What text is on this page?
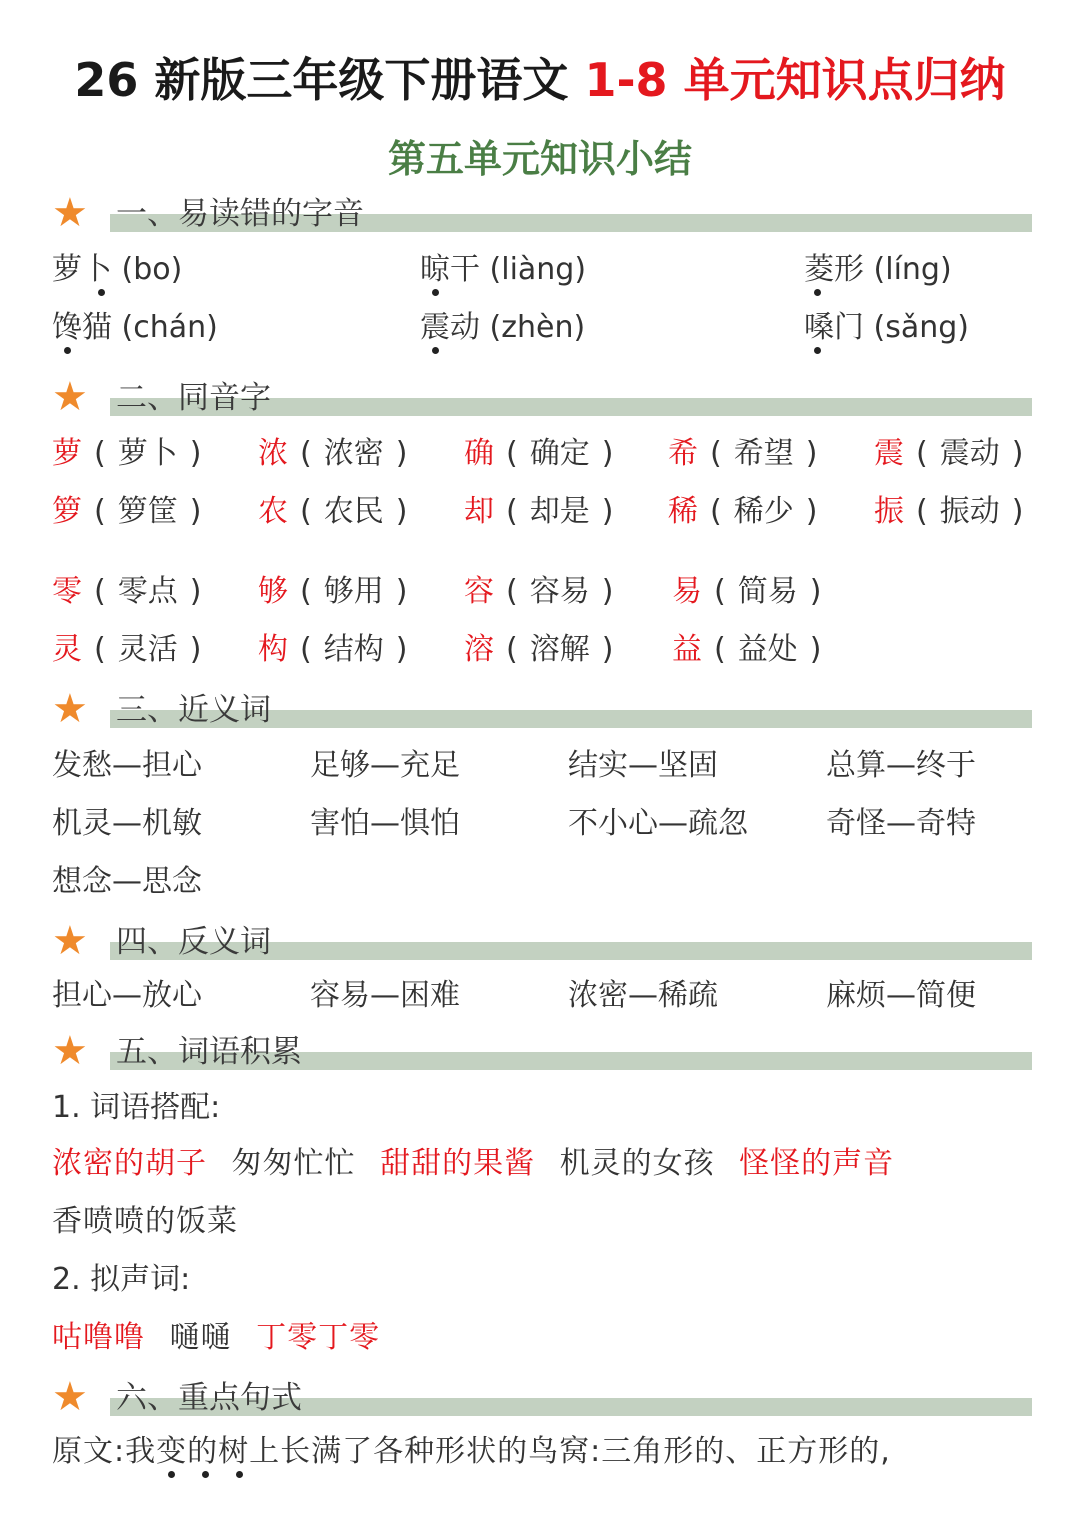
26 新版三年级下册语文 1-8 单元知识点归纳
第五单元知识小结
★ 一、易读错的字音
萝卜 (bo)	晾干 (liàng)	菱形 (líng)
馋猫 (chán)	震动 (zhèn)	嗓门 (sǎng)
★ 二、同音字
萝 ( 萝卜 )	浓 ( 浓密 )	确 ( 确定 )	希 ( 希望 )	震 ( 震动 )
箩 ( 箩筐 )	农 ( 农民 )	却 ( 却是 )	稀 ( 稀少 )	振 ( 振动 )
零 ( 零点 )	够 ( 够用 )	容 ( 容易 )	易 ( 简易 )
灵 ( 灵活 )	构 ( 结构 )	溶 ( 溶解 )	益 ( 益处 )
★ 三、近义词
发愁—担心	足够—充足	结实—坚固	总算—终于
机灵—机敏	害怕—惧怕	不小心—疏忽	奇怪—奇特
想念—思念
★ 四、反义词
担心—放心	容易—困难	浓密—稀疏	麻烦—简便
★ 五、词语积累
1. 词语搭配:
浓密的胡子 匆匆忙忙 甜甜的果酱 机灵的女孩 怪怪的声音
香喷喷的饭菜
2. 拟声词:
咕噜噜 嗵嗵 丁零丁零
★ 六、重点句式
原文:我变的树上长满了各种形状的鸟窝:三角形的、正方形的,
